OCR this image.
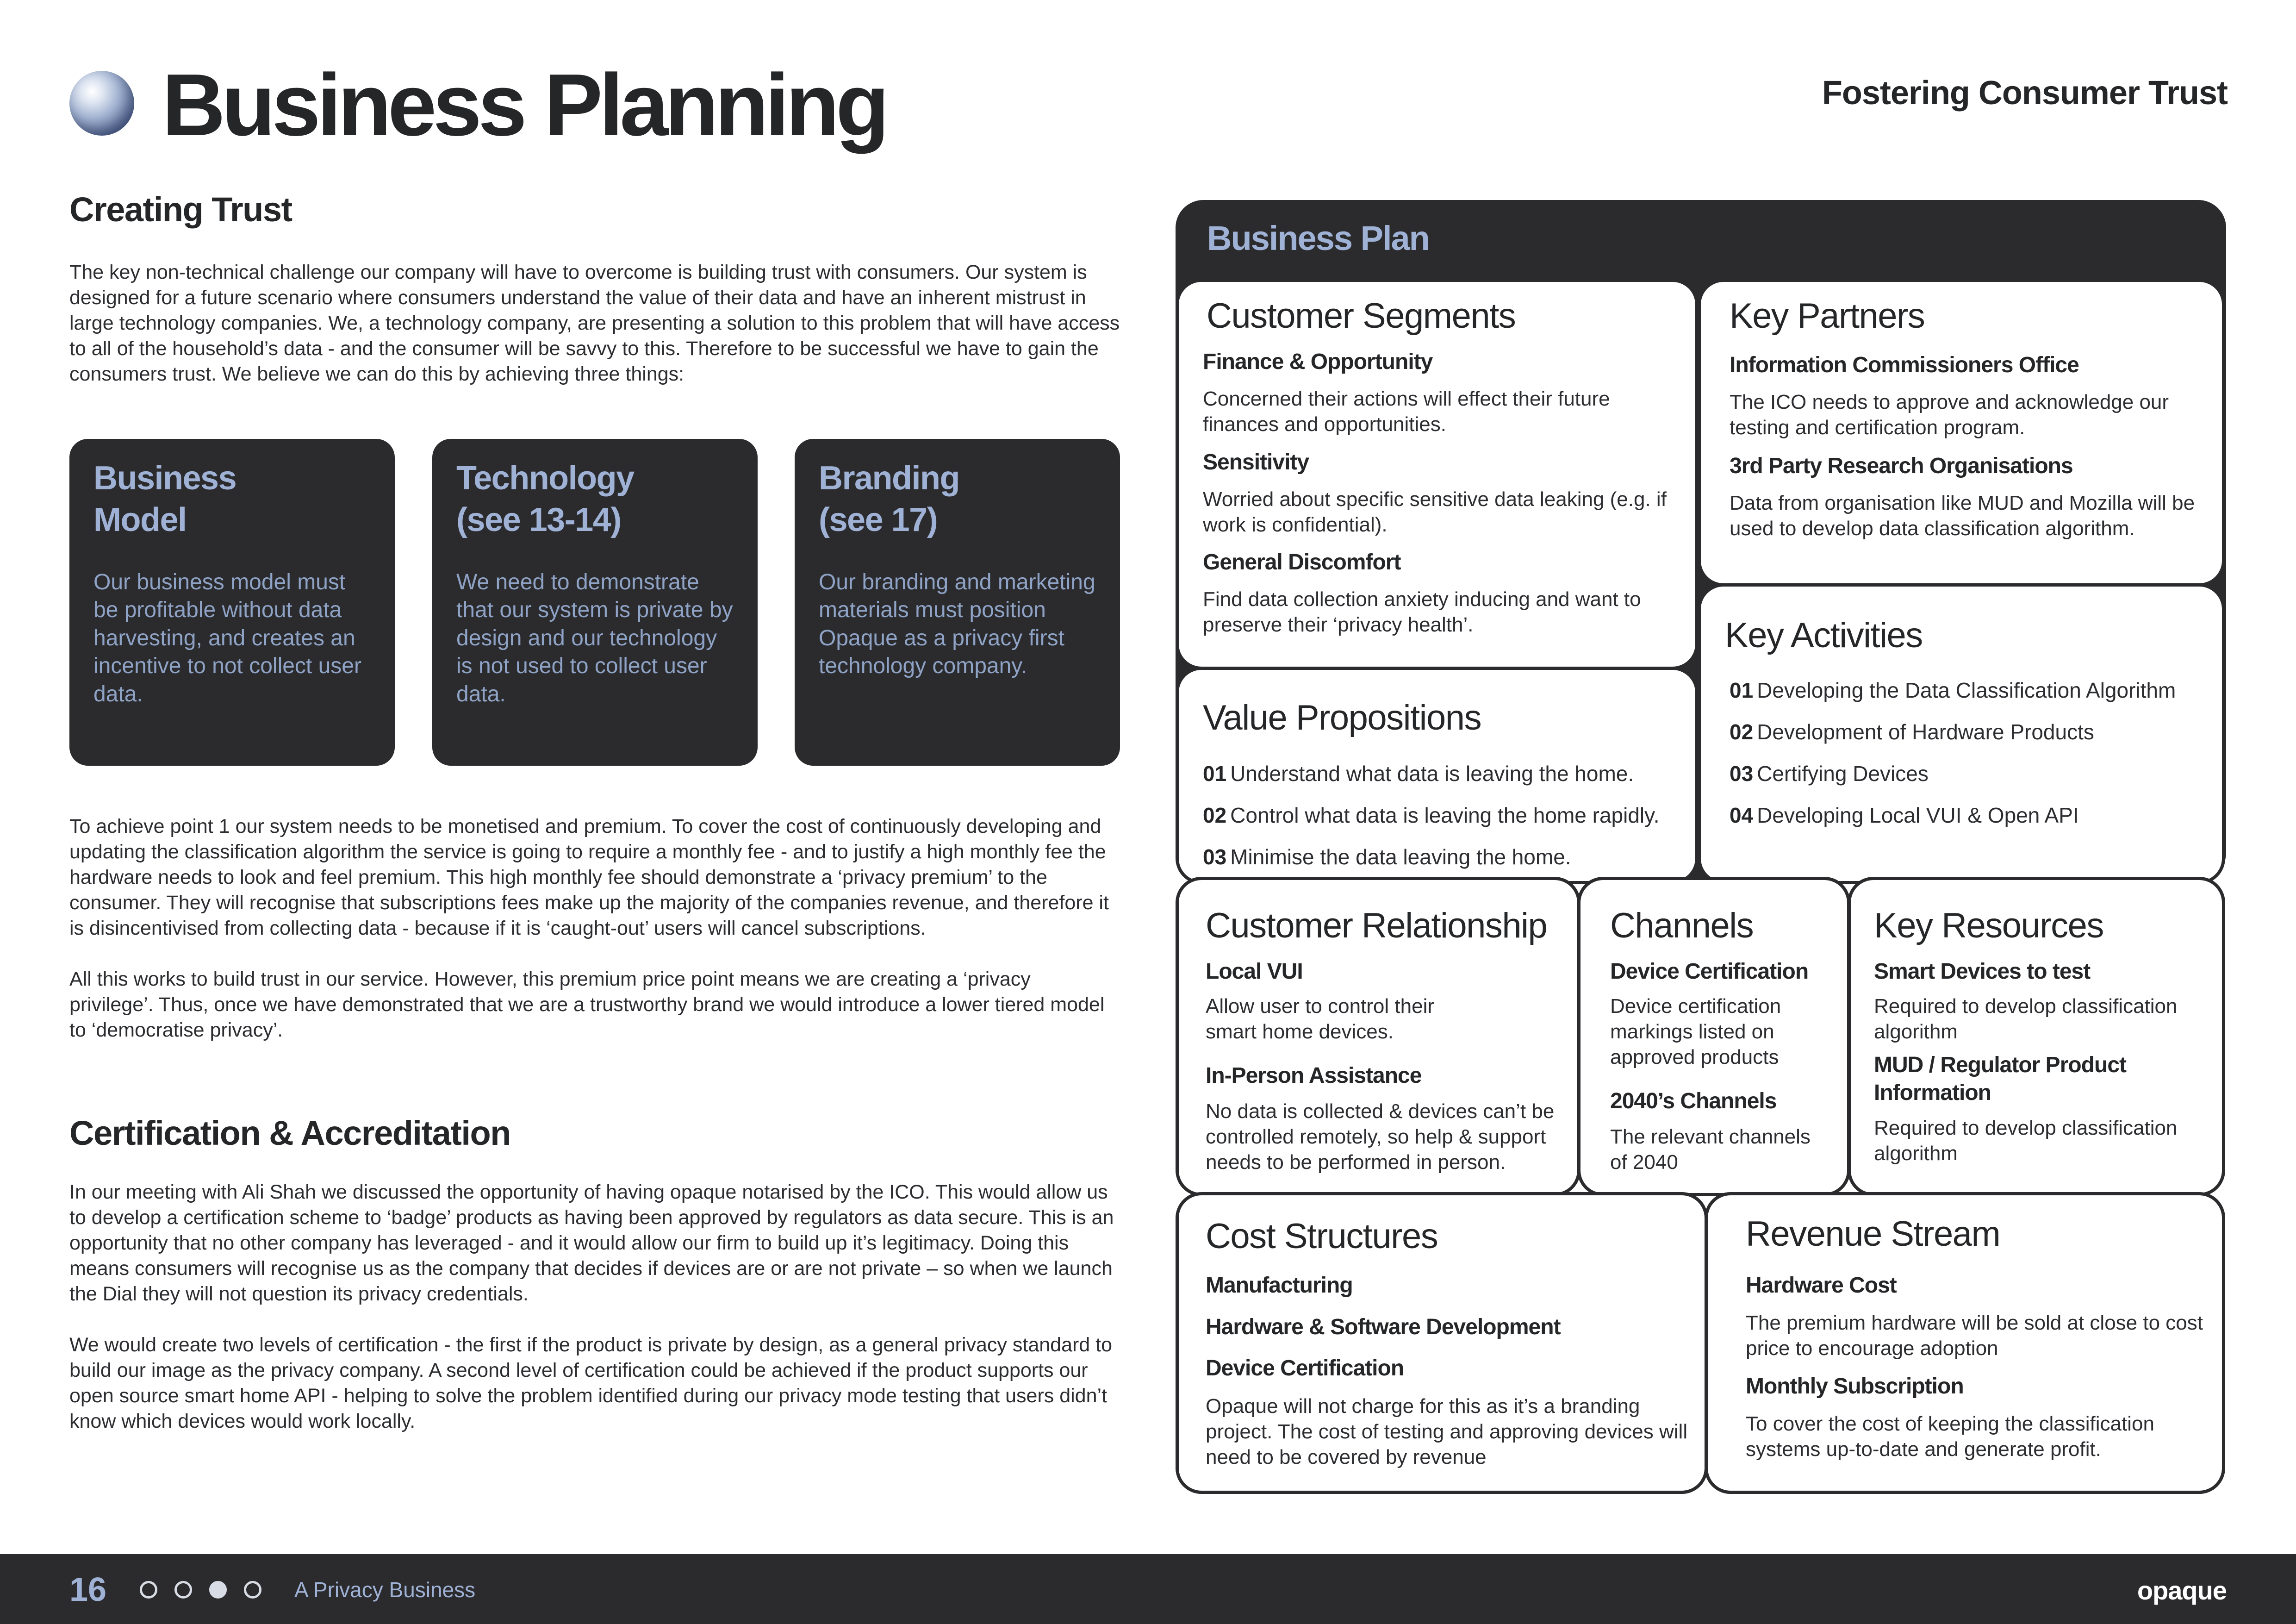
Business Planning	Fostering Consumer Trust
Creating Trust

The key non-technical challenge our company will have to overcome is building trust with consumers. Our system is designed for a future scenario where consumers understand the value of their data and have an inherent mistrust in large technology companies. We, a technology company, are presenting a solution to this problem that will have access to all of the household’s data - and the consumer will be savvy to this. Therefore to be successful we have to gain the consumers trust. We believe we can do this by achieving three things:

Business
Model
Our business model must be profitable without data harvesting, and creates an incentive to not collect user data.
Technology
(see 13-14)
We need to demonstrate that our system is private by design and our technology is not used to collect user data.
Branding
(see 17)
Our branding and marketing materials must position Opaque as a privacy first technology company.

To achieve point 1 our system needs to be monetised and premium. To cover the cost of continuously developing and updating the classification algorithm the service is going to require a monthly fee - and to justify a high monthly fee the hardware needs to look and feel premium. This high monthly fee should demonstrate a ‘privacy premium’ to the consumer. They will recognise that subscriptions fees make up the majority of the companies revenue, and therefore it is disincentivised from collecting data - because if it is ‘caught-out’ users will cancel subscriptions.

All this works to build trust in our service. However, this premium price point means we are creating a ‘privacy privilege’. Thus, once we have demonstrated that we are a trustworthy brand we would introduce a lower tiered model to ‘democratise privacy’.

Certification & Accreditation

In our meeting with Ali Shah we discussed the opportunity of having opaque notarised by the ICO. This would allow us to develop a certification scheme to ‘badge’ products as having been approved by regulators as data secure. This is an opportunity that no other company has leveraged - and it would allow our firm to build up it’s legitimacy. Doing this means consumers will recognise us as the company that decides if devices are or are not private – so when we launch the Dial they will not question its privacy credentials.

We would create two levels of certification - the first if the product is private by design, as a general privacy standard to build our image as the privacy company. A second level of certification could be achieved if the product supports our open source smart home API - helping to solve the problem identified during our privacy mode testing that users didn’t know which devices would work locally.

Business Plan
Customer Segments
Finance & Opportunity
Concerned their actions will effect their future finances and opportunities.
Sensitivity
Worried about specific sensitive data leaking (e.g. if work is confidential).
General Discomfort
Find data collection anxiety inducing and want to preserve their ‘privacy health’.
Key Partners
Information Commissioners Office
The ICO needs to approve and acknowledge our testing and certification program.
3rd Party Research Organisations
Data from organisation like MUD and Mozilla will be used to develop data classification algorithm.
Value Propositions
01 Understand what data is leaving the home.
02 Control what data is leaving the home rapidly.
03 Minimise the data leaving the home.
Key Activities
01 Developing the Data Classification Algorithm
02 Development of Hardware Products
03 Certifying Devices
04 Developing Local VUI & Open API
Customer Relationship
Local VUI
Allow user to control their smart home devices.
In-Person Assistance
No data is collected & devices can’t be controlled remotely, so help & support needs to be performed in person.
Channels
Device Certification
Device certification markings listed on approved products
2040’s Channels
The relevant channels of 2040
Key Resources
Smart Devices to test
Required to develop classification algorithm
MUD / Regulator Product Information
Required to develop classification algorithm
Cost Structures
Manufacturing
Hardware & Software Development
Device Certification
Opaque will not charge for this as it’s a branding project. The cost of testing and approving devices will need to be covered by revenue
Revenue Stream
Hardware Cost
The premium hardware will be sold at close to cost price to encourage adoption
Monthly Subscription
To cover the cost of keeping the classification systems up-to-date and generate profit.
16	A Privacy Business	opaque
